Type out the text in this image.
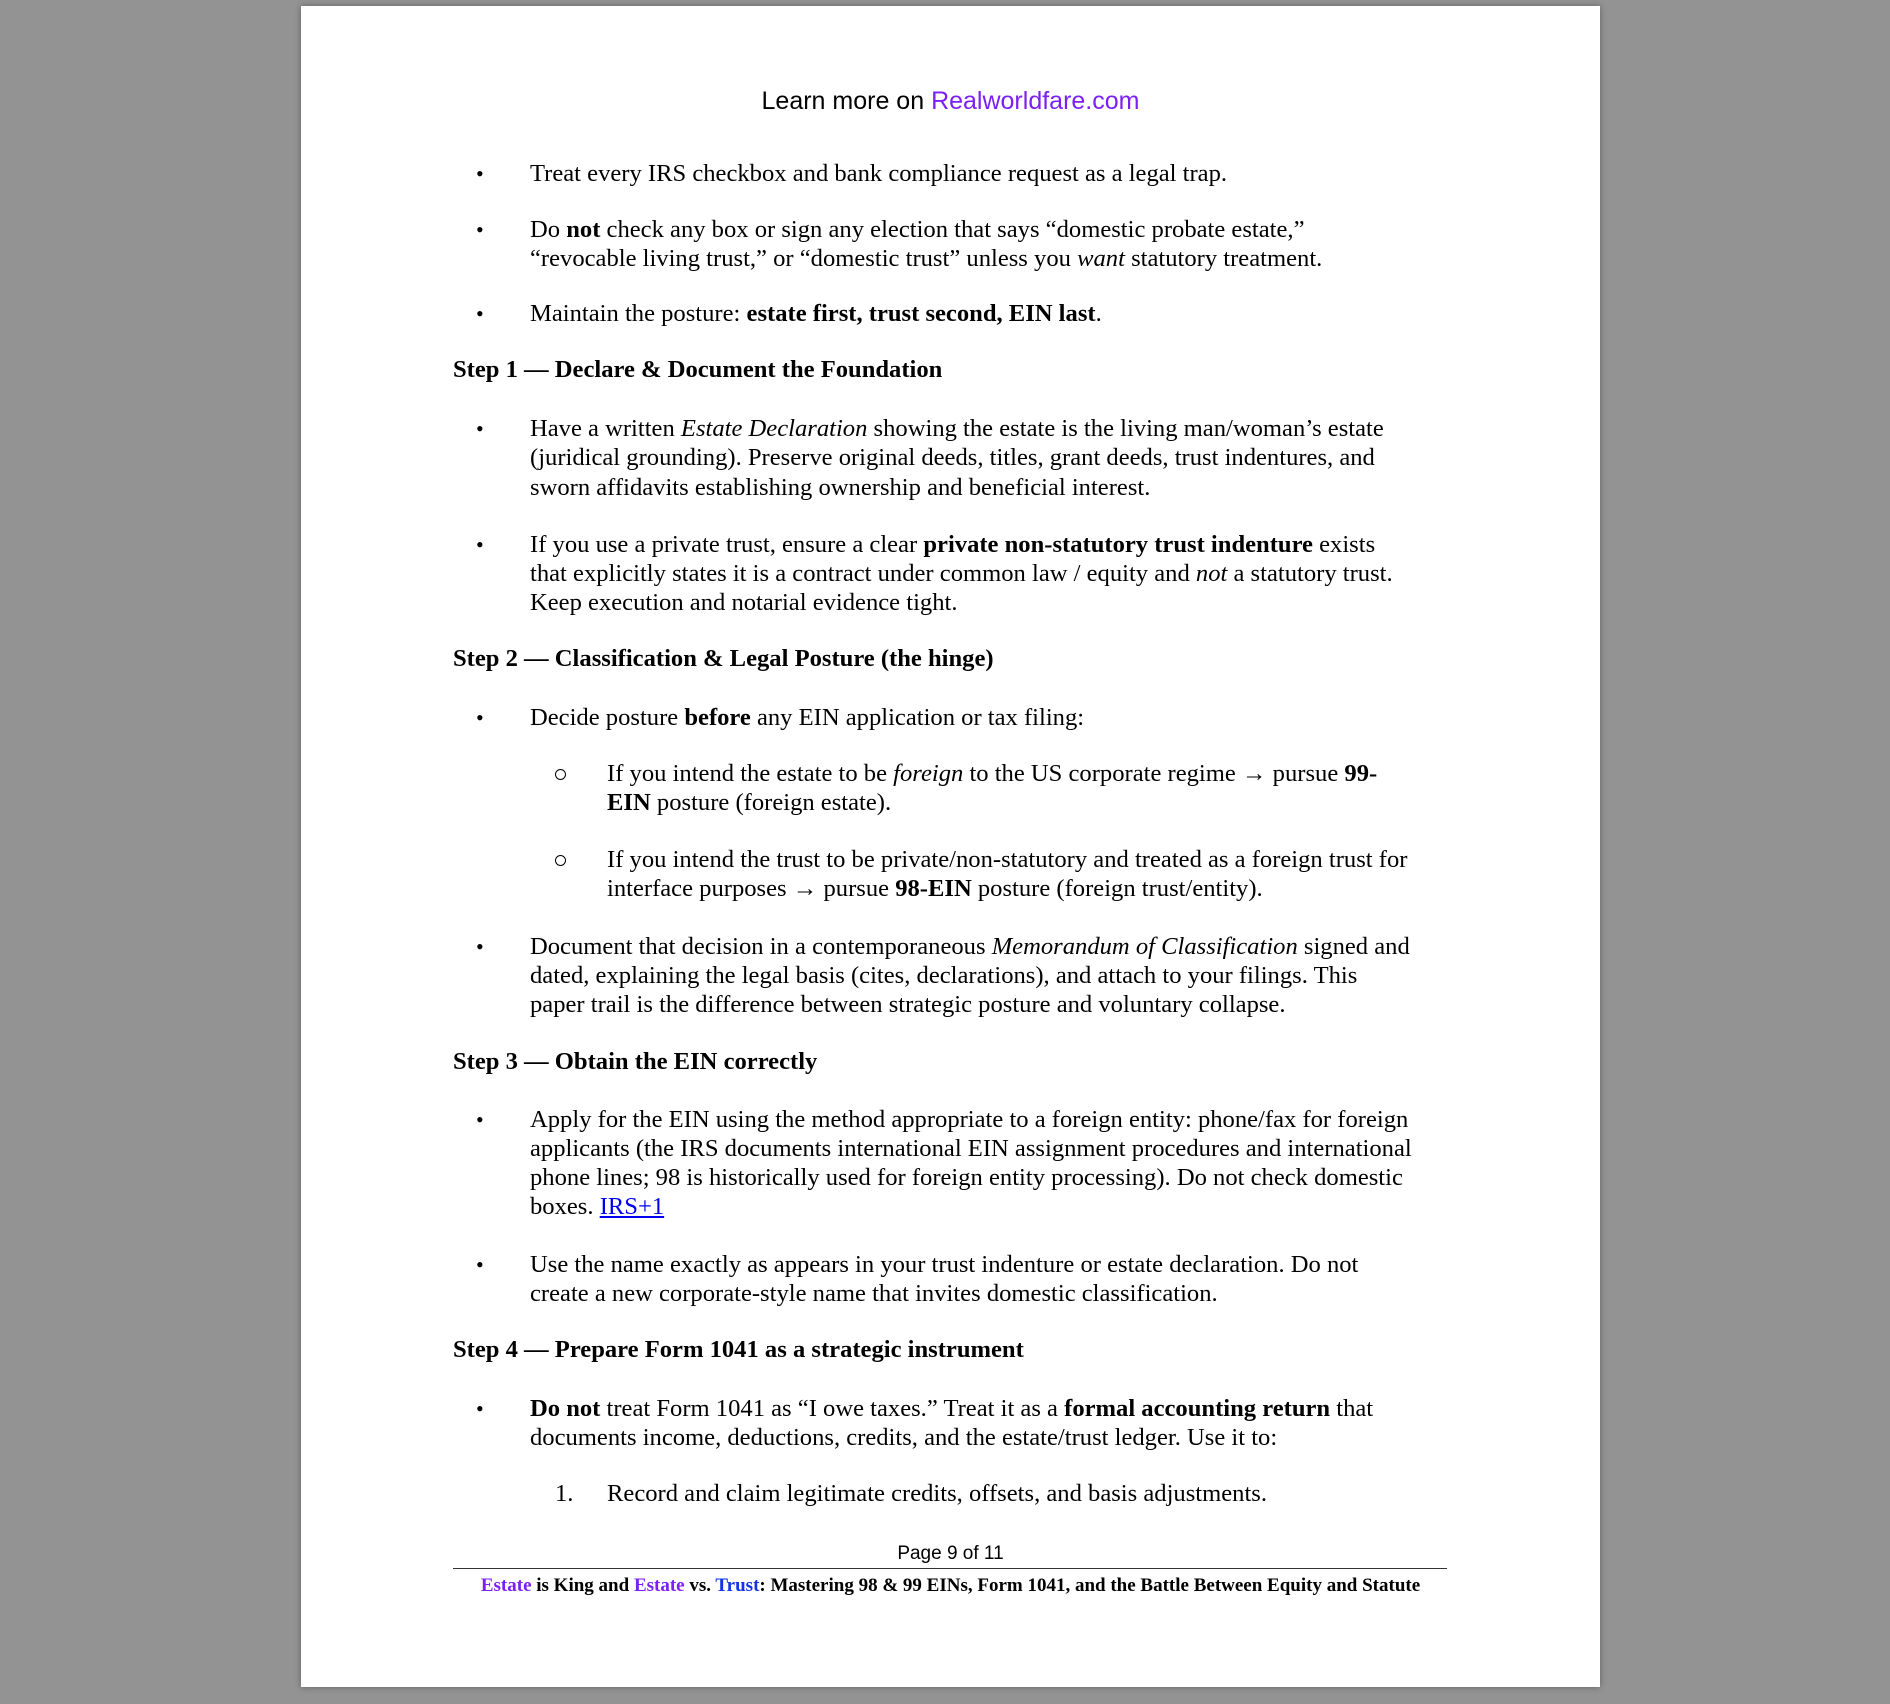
Learn more on Realworldfare.com
• Treat every IRS checkbox and bank compliance request as a legal trap.
• Do not check any box or sign any election that says “domestic probate estate,”
“revocable living trust,” or “domestic trust” unless you want statutory treatment.
• Maintain the posture: estate first, trust second, EIN last.
Step 1 — Declare & Document the Foundation
• Have a written Estate Declaration showing the estate is the living man/woman’s estate
(juridical grounding). Preserve original deeds, titles, grant deeds, trust indentures, and
sworn affidavits establishing ownership and beneficial interest.
• If you use a private trust, ensure a clear private non-statutory trust indenture exists
that explicitly states it is a contract under common law / equity and not a statutory trust.
Keep execution and notarial evidence tight.
Step 2 — Classification & Legal Posture (the hinge)
• Decide posture before any EIN application or tax filing:
If you intend the estate to be foreign to the US corporate regime → pursue 99-
EIN posture (foreign estate).
If you intend the trust to be private/non-statutory and treated as a foreign trust for
interface purposes → pursue 98-EIN posture (foreign trust/entity).
• Document that decision in a contemporaneous Memorandum of Classification signed and
dated, explaining the legal basis (cites, declarations), and attach to your filings. This
paper trail is the difference between strategic posture and voluntary collapse.
Step 3 — Obtain the EIN correctly
• Apply for the EIN using the method appropriate to a foreign entity: phone/fax for foreign
applicants (the IRS documents international EIN assignment procedures and international
phone lines; 98 is historically used for foreign entity processing). Do not check domestic
boxes. IRS+1
• Use the name exactly as appears in your trust indenture or estate declaration. Do not
create a new corporate-style name that invites domestic classification.
Step 4 — Prepare Form 1041 as a strategic instrument
• Do not treat Form 1041 as “I owe taxes.” Treat it as a formal accounting return that
documents income, deductions, credits, and the estate/trust ledger. Use it to:
1. Record and claim legitimate credits, offsets, and basis adjustments.
Page 9 of 11
Estate is King and Estate vs. Trust: Mastering 98 & 99 EINs, Form 1041, and the Battle Between Equity and Statute
